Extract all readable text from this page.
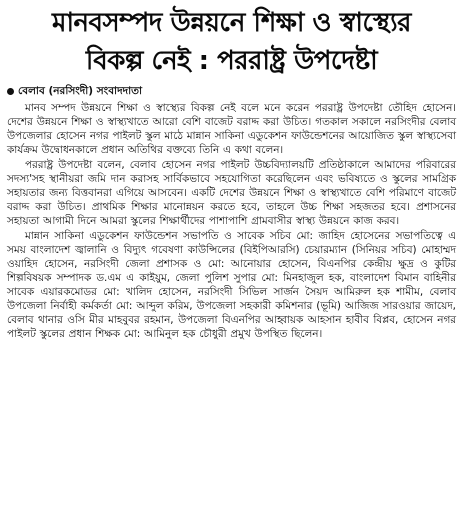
মানবসম্পদ উন্নয়নে শিক্ষা ও স্বাস্থ্যের
বিকল্প নেই : পররাষ্ট্র উপদেষ্টা
বেলাব (নরসিংদী) সংবাদদাতা

মানব সম্পদ উন্নয়নে শিক্ষা ও স্বাস্থ্যের বিকল্প নেই বলে মনে করেন পররাষ্ট্র উপদেষ্টা তৌহিদ হোসেন। দেশের উন্নয়নে শিক্ষা ও স্বাস্থ্যখাতে আরো বেশি বাজেট বরাদ্দ করা উচিত। গতকাল সকালে নরসিংদীর বেলাব উপজেলার হোসেন নগর পাইলট স্কুল মাঠে মান্নান সাকিনা এডুকেশন ফাউন্ডেশনের আয়োজিত স্কুল স্বাস্থ্যসেবা কার্যক্রম উদ্বোধনকালে প্রধান অতিথির বক্তব্যে তিনি এ কথা বলেন।

পররাষ্ট্র উপদেষ্টা বলেন, বেলাব হোসেন নগর পাইলট উচ্চবিদ্যালয়টি প্রতিষ্ঠাকালে আমাদের পরিবারের সদস্য'সহ স্থানীয়রা জমি দান করাসহ সার্বিকভাবে সহযোগিতা করেছিলেন এবং ভবিষ্যতে ও স্কুলের সামগ্রিক সহায়তার জন্য বিত্তবানরা এগিয়ে আসবেন। একটি দেশের উন্নয়নে শিক্ষা ও স্বাস্থ্যখাতে বেশি পরিমাণে বাজেট বরাদ্দ করা উচিত। প্রাথমিক শিক্ষার মানোন্নয়ন করতে হবে, তাহলে উচ্চ শিক্ষা সহজতর হবে। প্রশাসনের সহায়তা আগামী দিনে আমরা স্কুলের শিক্ষার্থীদের পাশাপাশি গ্রামবাসীর স্বাস্থ্য উন্নয়নে কাজ করব।

মান্নান সাকিনা এডুকেশন ফাউন্ডেশন সভাপতি ও সাবেক সচিব মো: জাহিদ হোসেনের সভাপতিত্বে এ সময় বাংলাদেশ জ্বালানি ও বিদ্যুৎ গবেষণা কাউন্সিলের (বিইপিআরসি) চেয়ারম্যান (সিনিয়র সচিব) মোহাম্মদ ওয়াহিদ হোসেন, নরসিংদী জেলা প্রশাসক ও মো: আনোয়ার হোসেন, বিএনপির কেন্দ্রীয় ক্ষুদ্র ও কুটির শিল্পবিষয়ক সম্পাদক ড.এম এ কাইয়ুম, জেলা পুলিশ সুপার মো: মিনহাজুল হক, বাংলাদেশ বিমান বাহিনীর সাবেক এয়ারকমোডর মো: খালিদ হোসেন, নরসিংদী সিভিল সার্জন সৈয়দ আমিরুল হক শামীম, বেলাব উপজেলা নির্বাহী কর্মকর্তা মো: আব্দুল করিম, উপজেলা সহকারী কমিশনার (ভূমি) আজিজ সারওয়ার জায়েদ, বেলাব থানার ওসি মীর মাহবুবর রহমান, উপজেলা বিএনপির আহ্বায়ক আহসান হাবীব বিপ্লব, হোসেন নগর পাইলট স্কুলের প্রধান শিক্ষক মো: আমিনুল হক চৌধুরী প্রমুখ উপস্থিত ছিলেন।
